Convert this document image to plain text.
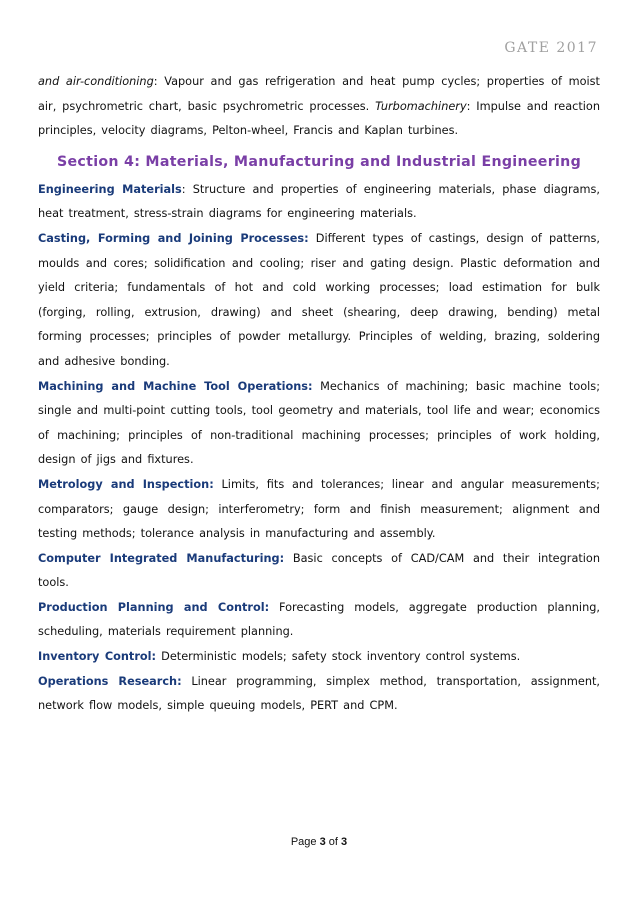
GATE 2017

and air-conditioning: Vapour and gas refrigeration and heat pump cycles; properties of moist air, psychrometric chart, basic psychrometric processes. Turbomachinery: Impulse and reaction principles, velocity diagrams, Pelton-wheel, Francis and Kaplan turbines.

Section 4: Materials, Manufacturing and Industrial Engineering

Engineering Materials: Structure and properties of engineering materials, phase diagrams, heat treatment, stress-strain diagrams for engineering materials.

Casting, Forming and Joining Processes: Different types of castings, design of patterns, moulds and cores; solidification and cooling; riser and gating design. Plastic deformation and yield criteria; fundamentals of hot and cold working processes; load estimation for bulk (forging, rolling, extrusion, drawing) and sheet (shearing, deep drawing, bending) metal forming processes; principles of powder metallurgy. Principles of welding, brazing, soldering and adhesive bonding.

Machining and Machine Tool Operations: Mechanics of machining; basic machine tools; single and multi-point cutting tools, tool geometry and materials, tool life and wear; economics of machining; principles of non-traditional machining processes; principles of work holding, design of jigs and fixtures.

Metrology and Inspection: Limits, fits and tolerances; linear and angular measurements; comparators; gauge design; interferometry; form and finish measurement; alignment and testing methods; tolerance analysis in manufacturing and assembly.

Computer Integrated Manufacturing: Basic concepts of CAD/CAM and their integration tools.

Production Planning and Control: Forecasting models, aggregate production planning, scheduling, materials requirement planning.

Inventory Control: Deterministic models; safety stock inventory control systems.

Operations Research: Linear programming, simplex method, transportation, assignment, network flow models, simple queuing models, PERT and CPM.

Page 3 of 3
